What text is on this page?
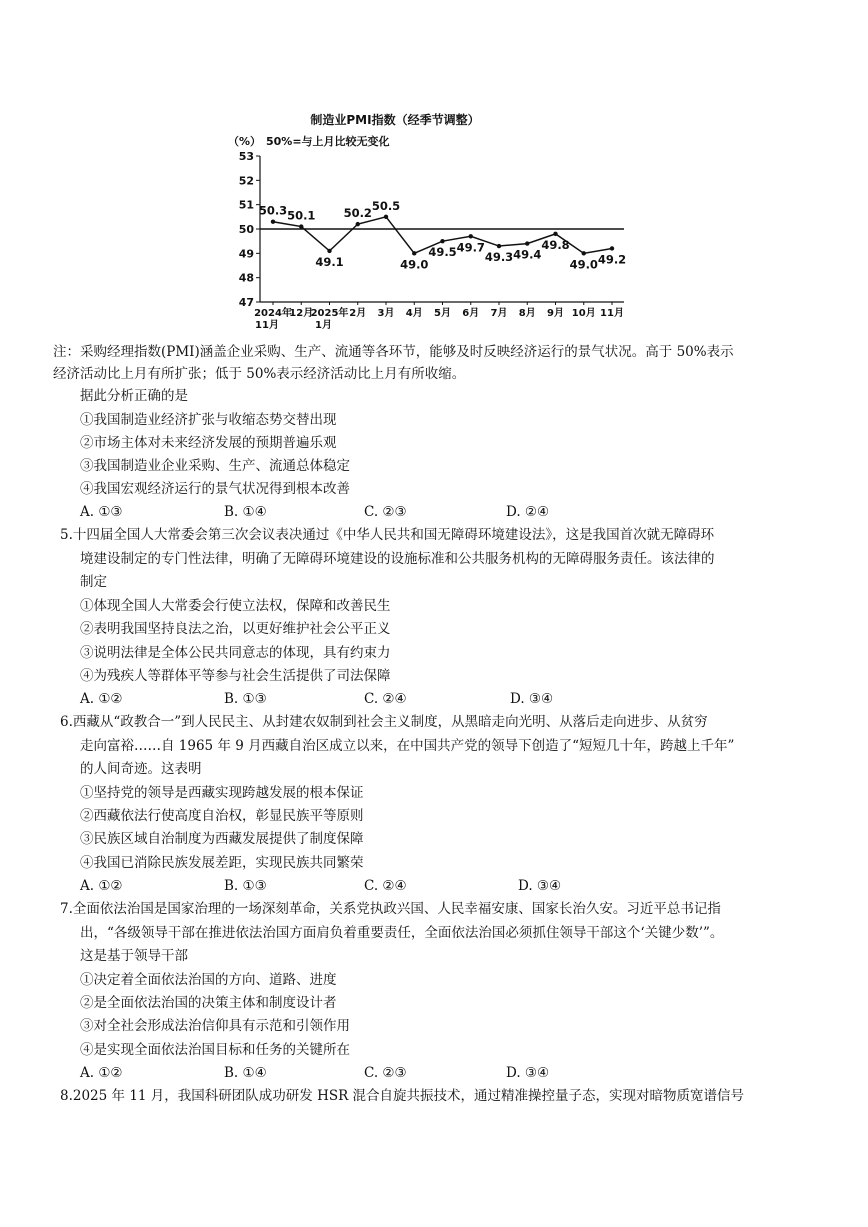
制造业PMI指数（经季节调整）
（%） 50%=与上月比较无变化
47
48
49
50
51
52
53
2024年
11月
12月
2025年
1月
2月 3月 4月 5月 6月 7月 8月 9月 10月 11月
50.3 50.1
49.1
50.2
50.5
49.0
49.5 49.7
49.3 49.4
49.8
49.0 49.2
注：采购经理指数(PMI)涵盖企业采购、生产、流通等各环节，能够及时反映经济运行的景气状况。高于 50%表示
经济活动比上月有所扩张；低于 50%表示经济活动比上月有所收缩。
据此分析正确的是
①我国制造业经济扩张与收缩态势交替出现
②市场主体对未来经济发展的预期普遍乐观
③我国制造业企业采购、生产、流通总体稳定
④我国宏观经济运行的景气状况得到根本改善
A. ①③	B. ①④	C. ②③	D. ②④
5.十四届全国人大常委会第三次会议表决通过《中华人民共和国无障碍环境建设法》，这是我国首次就无障碍环
境建设制定的专门性法律，明确了无障碍环境建设的设施标准和公共服务机构的无障碍服务责任。该法律的
制定
①体现全国人大常委会行使立法权，保障和改善民生
②表明我国坚持良法之治，以更好维护社会公平正义
③说明法律是全体公民共同意志的体现，具有约束力
④为残疾人等群体平等参与社会生活提供了司法保障
A. ①②	B. ①③	C. ②④	D. ③④
6.西藏从“政教合一”到人民民主、从封建农奴制到社会主义制度，从黑暗走向光明、从落后走向进步、从贫穷
走向富裕……自 1965 年 9 月西藏自治区成立以来，在中国共产党的领导下创造了“短短几十年，跨越上千年”
的人间奇迹。这表明
①坚持党的领导是西藏实现跨越发展的根本保证
②西藏依法行使高度自治权，彰显民族平等原则
③民族区域自治制度为西藏发展提供了制度保障
④我国已消除民族发展差距，实现民族共同繁荣
A. ①②	B. ①③	C. ②④	D. ③④
7.全面依法治国是国家治理的一场深刻革命，关系党执政兴国、人民幸福安康、国家长治久安。习近平总书记指
出，“各级领导干部在推进依法治国方面肩负着重要责任，全面依法治国必须抓住领导干部这个‘关键少数’”。
这是基于领导干部
①决定着全面依法治国的方向、道路、进度
②是全面依法治国的决策主体和制度设计者
③对全社会形成法治信仰具有示范和引领作用
④是实现全面依法治国目标和任务的关键所在
A. ①②	B. ①④	C. ②③	D. ③④
8.2025 年 11 月，我国科研团队成功研发 HSR 混合自旋共振技术，通过精准操控量子态，实现对暗物质宽谱信号
